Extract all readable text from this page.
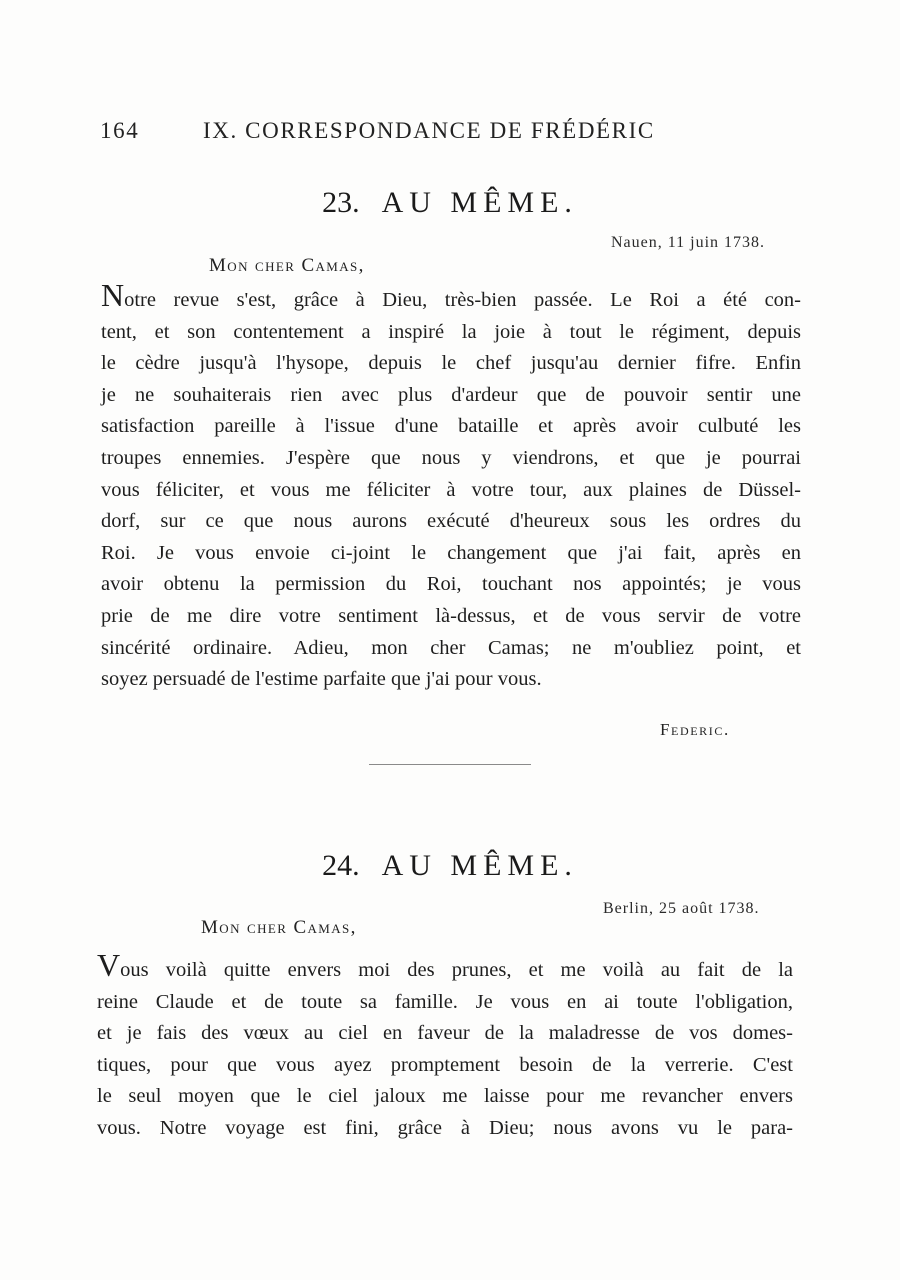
164	IX. CORRESPONDANCE DE FRÉDÉRIC
23. AU MÊME.
Nauen, 11 juin 1738.
Mon cher Camas,
Notre revue s'est, grâce à Dieu, très-bien passée. Le Roi a été con-
tent, et son contentement a inspiré la joie à tout le régiment, depuis
le cèdre jusqu'à l'hysope, depuis le chef jusqu'au dernier fifre. Enfin
je ne souhaiterais rien avec plus d'ardeur que de pouvoir sentir une
satisfaction pareille à l'issue d'une bataille et après avoir culbuté les
troupes ennemies. J'espère que nous y viendrons, et que je pourrai
vous féliciter, et vous me féliciter à votre tour, aux plaines de Düssel-
dorf, sur ce que nous aurons exécuté d'heureux sous les ordres du
Roi. Je vous envoie ci-joint le changement que j'ai fait, après en
avoir obtenu la permission du Roi, touchant nos appointés; je vous
prie de me dire votre sentiment là-dessus, et de vous servir de votre
sincérité ordinaire. Adieu, mon cher Camas; ne m'oubliez point, et
soyez persuadé de l'estime parfaite que j'ai pour vous.
Federic.
24. AU MÊME.
Berlin, 25 août 1738.
Mon cher Camas,
Vous voilà quitte envers moi des prunes, et me voilà au fait de la
reine Claude et de toute sa famille. Je vous en ai toute l'obligation,
et je fais des vœux au ciel en faveur de la maladresse de vos domes-
tiques, pour que vous ayez promptement besoin de la verrerie. C'est
le seul moyen que le ciel jaloux me laisse pour me revancher envers
vous. Notre voyage est fini, grâce à Dieu; nous avons vu le para-
